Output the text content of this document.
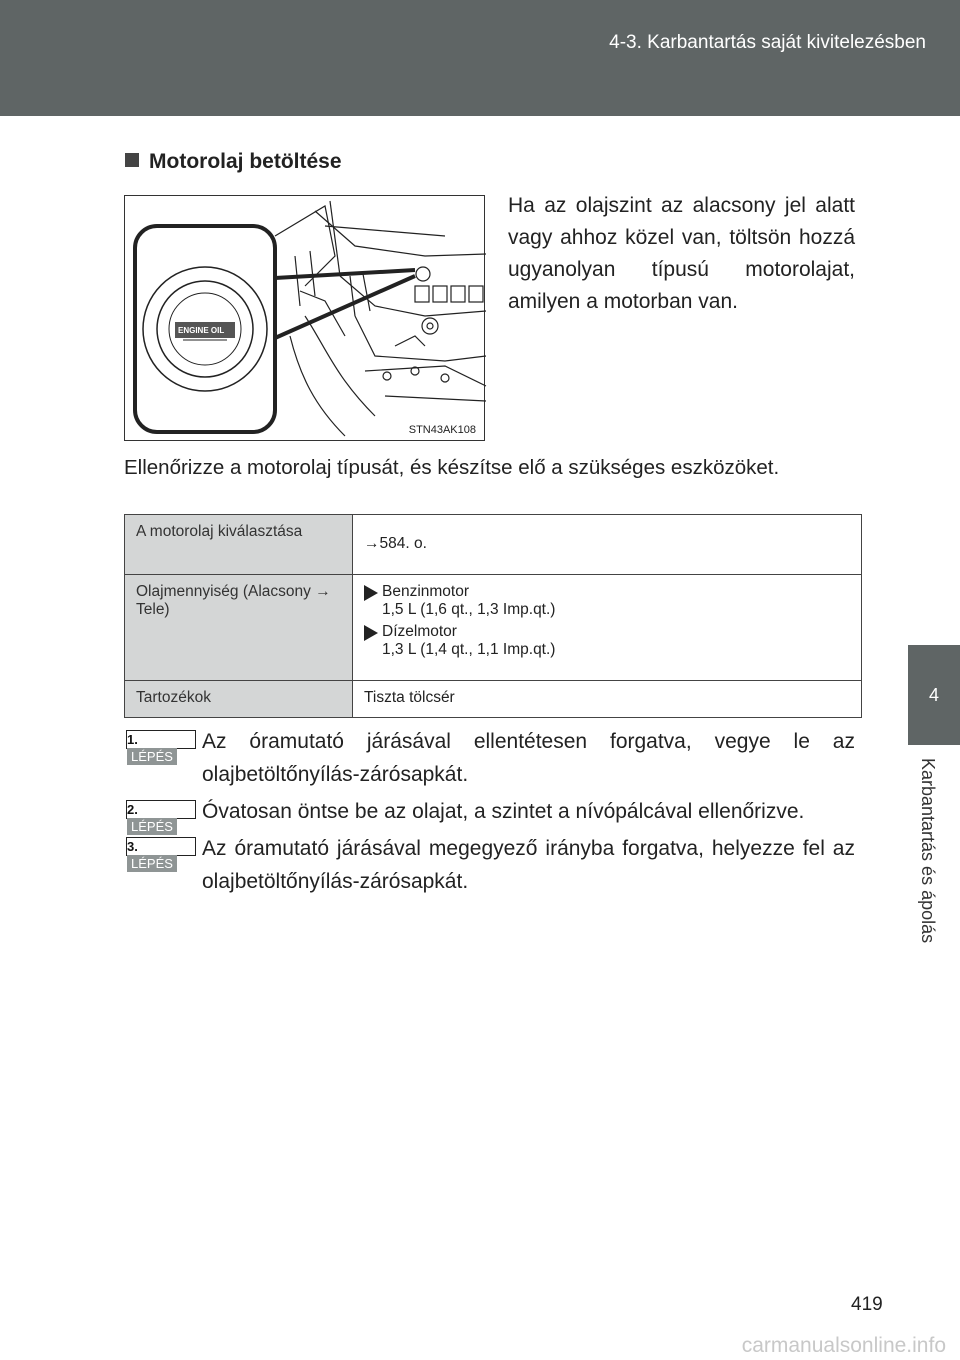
4-3. Karbantartás saját kivitelezésben
4
Karbantartás és ápolás
Motorolaj betöltése
ENGINE OIL
STN43AK108
Ha az olajszint az alacsony jel alatt vagy ahhoz közel van, töltsön hozzá ugyanolyan típusú motorolajat, amilyen a motorban van.
Ellenőrizze a motorolaj típusát, és készítse elő a szükséges eszközöket.
A motorolaj kiválasztása	→584. o.

Olajmennyiség (Alacsony → Tele)	Benzinmotor
1,5 L (1,6 qt., 1,3 Imp.qt.)
Dízelmotor
1,3 L (1,4 qt., 1,1 Imp.qt.)

Tartozékok	Tiszta tölcsér
1.LÉPÉS
Az óramutató járásával ellentétesen forgatva, vegye le az olajbetöltőnyílás-zárósapkát.
2.LÉPÉS
Óvatosan öntse be az olajat, a szintet a nívópálcával ellenőrizve.
3.LÉPÉS
Az óramutató járásával megegyező irányba forgatva, helyezze fel az olajbetöltőnyílás-zárósapkát.
419
carmanualsonline.info
